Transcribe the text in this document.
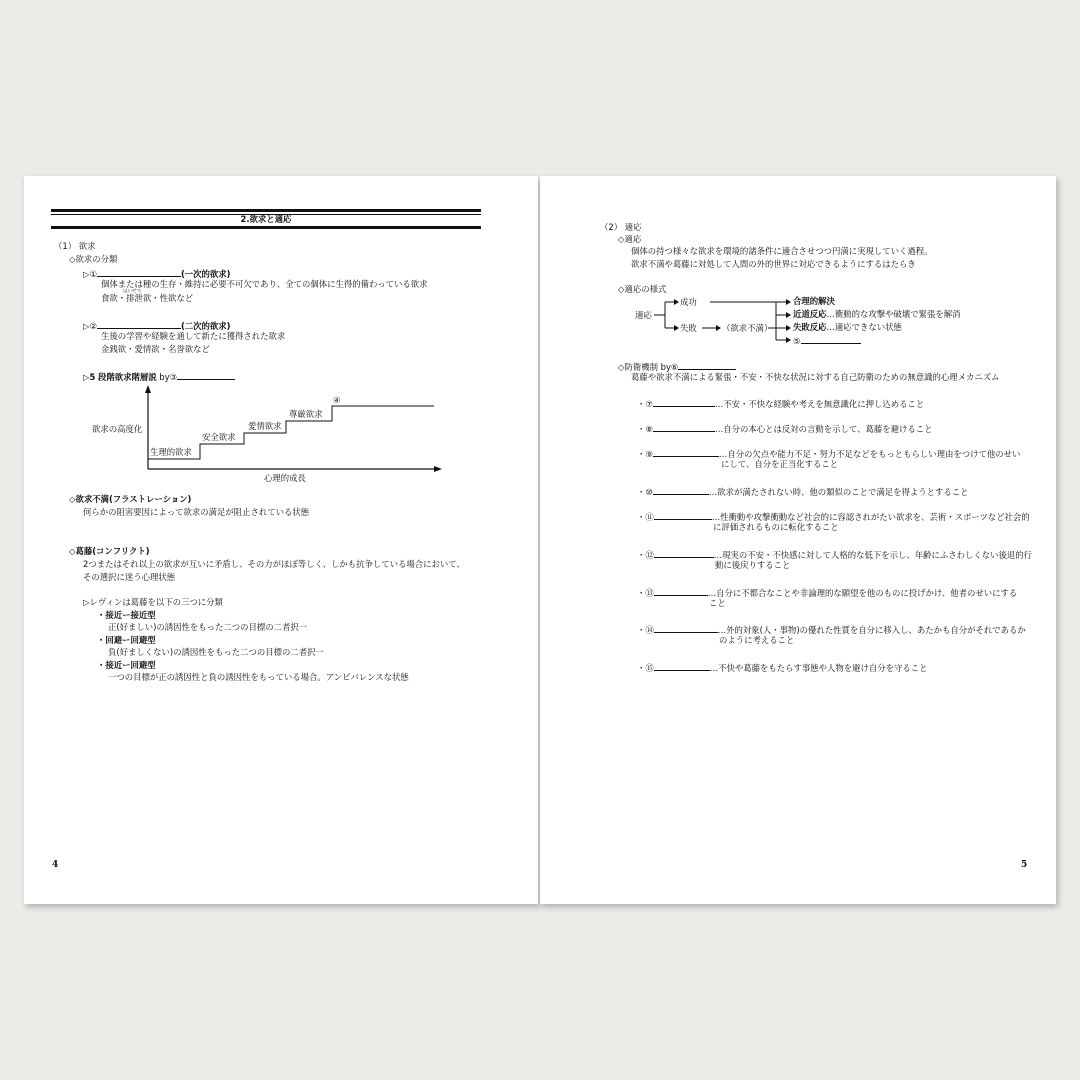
2.欲求と適応
（1） 欲求
◇欲求の分類
▷①	(一次的欲求)
はいせつ
個体または種の生存・維持に必要不可欠であり、全ての個体に生得的備わっている欲求
食欲・排泄欲・性欲など
▷②	(二次的欲求)
生後の学習や経験を通して新たに獲得された欲求
金銭欲・愛情欲・名誉欲など
▷5 段階欲求階層説 by③
欲求の高度化
心理的成長
生理的欲求
安全欲求
愛情欲求
尊厳欲求
④
◇欲求不満(フラストレーション)
何らかの阻害要因によって欲求の満足が阻止されている状態
◇葛藤(コンフリクト)
2つまたはそれ以上の欲求が互いに矛盾し、その力がほぼ等しく、しかも抗争している場合において、
その選択に迷う心理状態
▷レヴィンは葛藤を以下の三つに分類
・接近ー接近型
正(好ましい)の誘因性をもった二つの目標の二者択一
・回避ー回避型
負(好ましくない)の誘因性をもった二つの目標の二者択一
・接近ー回避型
一つの目標が正の誘因性と負の誘因性をもっている場合。アンビバレンスな状態
4
（2） 適応
◇適応
個体の持つ様々な欲求を環境的諸条件に適合させつつ円満に実現していく過程。
欲求不満や葛藤に対処して人間の外的世界に対応できるようにするはたらき
◇適応の様式
適応
成功
失敗	（欲求不満）
合理的解決
近道反応…衝動的な攻撃や破壊で緊張を解消
失敗反応…適応できない状態
⑤
◇防衛機制 by⑥
葛藤や欲求不満による緊張・不安・不快な状況に対する自己防衛のための無意識的心理メカニズム
5
・⑦	…不安・不快な経験や考えを無意識化に押し込めること
・⑧	…自分の本心とは反対の言動を示して、葛藤を避けること
・⑨	…自分の欠点や能力不足・努力不足などをもっともらしい理由をつけて他のせい
にして、自分を正当化すること
・⑩	…欲求が満たされない時、他の類似のことで満足を得ようとすること
・⑪	…性衝動や攻撃衝動など社会的に容認されがたい欲求を、芸術・スポーツなど社会的
に評価されるものに転化すること
・⑫	…現実の不安・不快感に対して人格的な低下を示し、年齢にふさわしくない後退的行
動に後戻りすること
・⑬	…自分に不都合なことや非論理的な願望を他のものに投げかけ、他者のせいにする
こと
・⑭	…外的対象(人・事物)の優れた性質を自分に移入し、あたかも自分がそれであるか
のように考えること
・⑮	…不快や葛藤をもたらす事態や人物を避け自分を守ること
